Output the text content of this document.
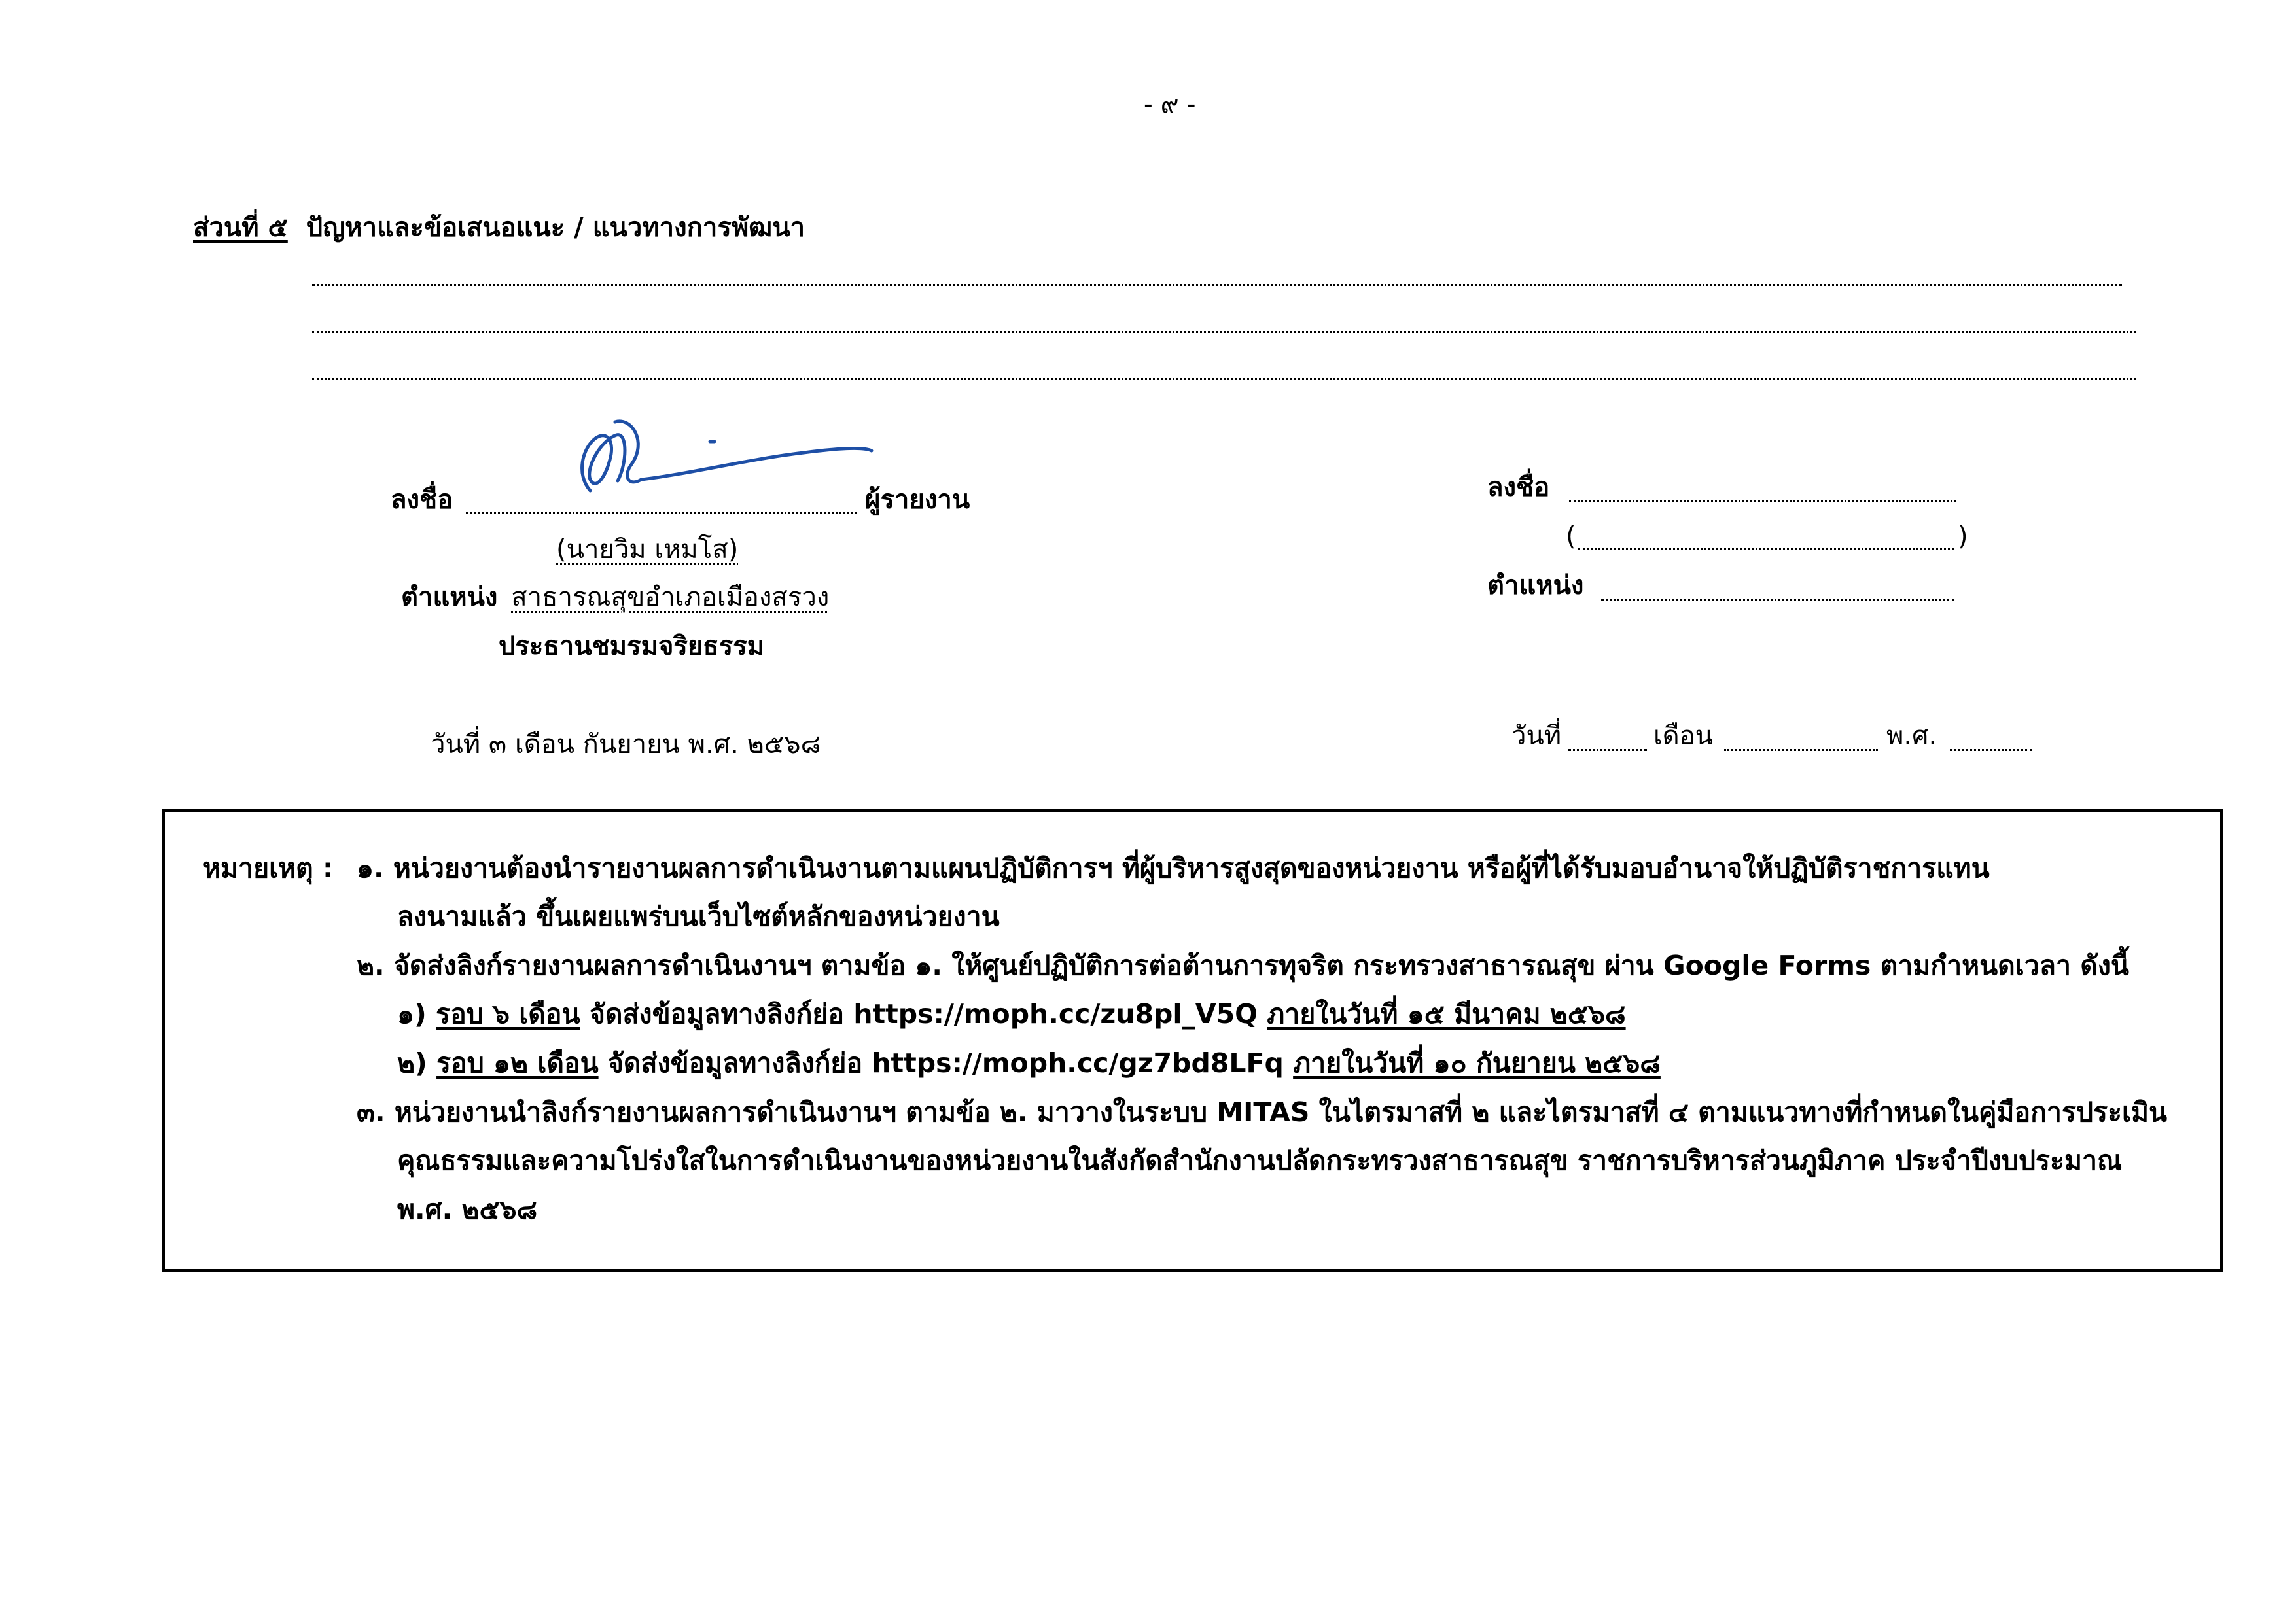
- ๙ -
ส่วนที่ ๕ ปัญหาและข้อเสนอแนะ / แนวทางการพัฒนา
ลงชื่อ	ผู้รายงาน
(นายวิม เหมโส)
ตำแหน่ง สาธารณสุขอำเภอเมืองสรวง
ประธานชมรมจริยธรรม
วันที่ ๓ เดือน กันยายน พ.ศ. ๒๕๖๘
ลงชื่อ
(	)
ตำแหน่ง
วันที่	เดือน	พ.ศ.
หมายเหตุ : ๑. หน่วยงานต้องนำรายงานผลการดำเนินงานตามแผนปฏิบัติการฯ ที่ผู้บริหารสูงสุดของหน่วยงาน หรือผู้ที่ได้รับมอบอำนาจให้ปฏิบัติราชการแทน
ลงนามแล้ว ขึ้นเผยแพร่บนเว็บไซต์หลักของหน่วยงาน
๒. จัดส่งลิงก์รายงานผลการดำเนินงานฯ ตามข้อ ๑. ให้ศูนย์ปฏิบัติการต่อต้านการทุจริต กระทรวงสาธารณสุข ผ่าน Google Forms ตามกำหนดเวลา ดังนี้
๑) รอบ ๖ เดือน จัดส่งข้อมูลทางลิงก์ย่อ https://moph.cc/zu8pl_V5Q ภายในวันที่ ๑๕ มีนาคม ๒๕๖๘
๒) รอบ ๑๒ เดือน จัดส่งข้อมูลทางลิงก์ย่อ https://moph.cc/gz7bd8LFq ภายในวันที่ ๑๐ กันยายน ๒๕๖๘
๓. หน่วยงานนำลิงก์รายงานผลการดำเนินงานฯ ตามข้อ ๒. มาวางในระบบ MITAS ในไตรมาสที่ ๒ และไตรมาสที่ ๔ ตามแนวทางที่กำหนดในคู่มือการประเมิน
คุณธรรมและความโปร่งใสในการดำเนินงานของหน่วยงานในสังกัดสำนักงานปลัดกระทรวงสาธารณสุข ราชการบริหารส่วนภูมิภาค ประจำปีงบประมาณ
พ.ศ. ๒๕๖๘
